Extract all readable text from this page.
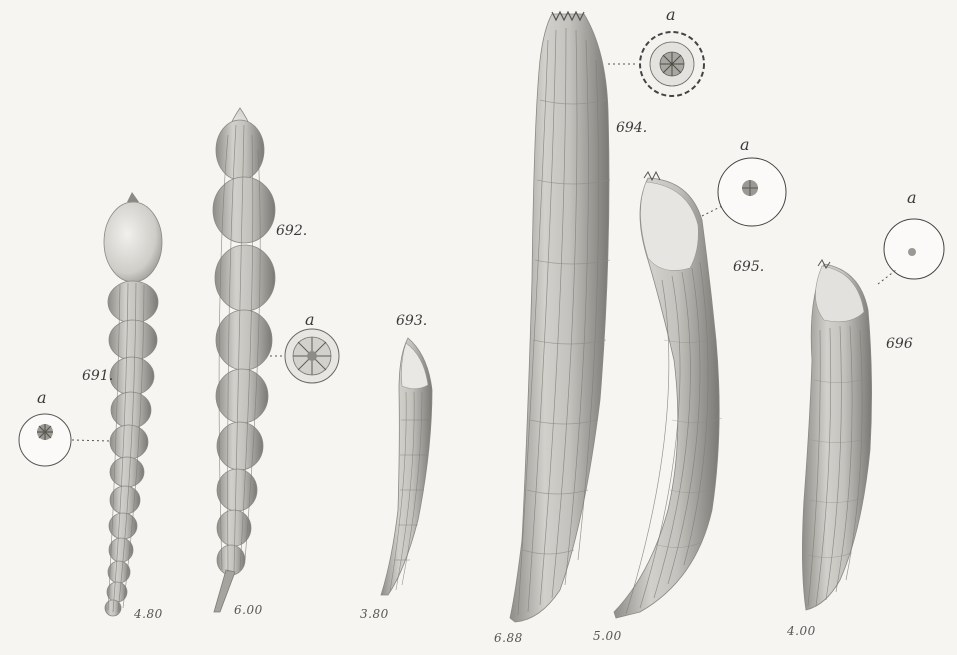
691.
692.
693.
694.
695.
696
a
a
a
a
a
4.80	6.00	3.80
6.88	5.00	4.00
